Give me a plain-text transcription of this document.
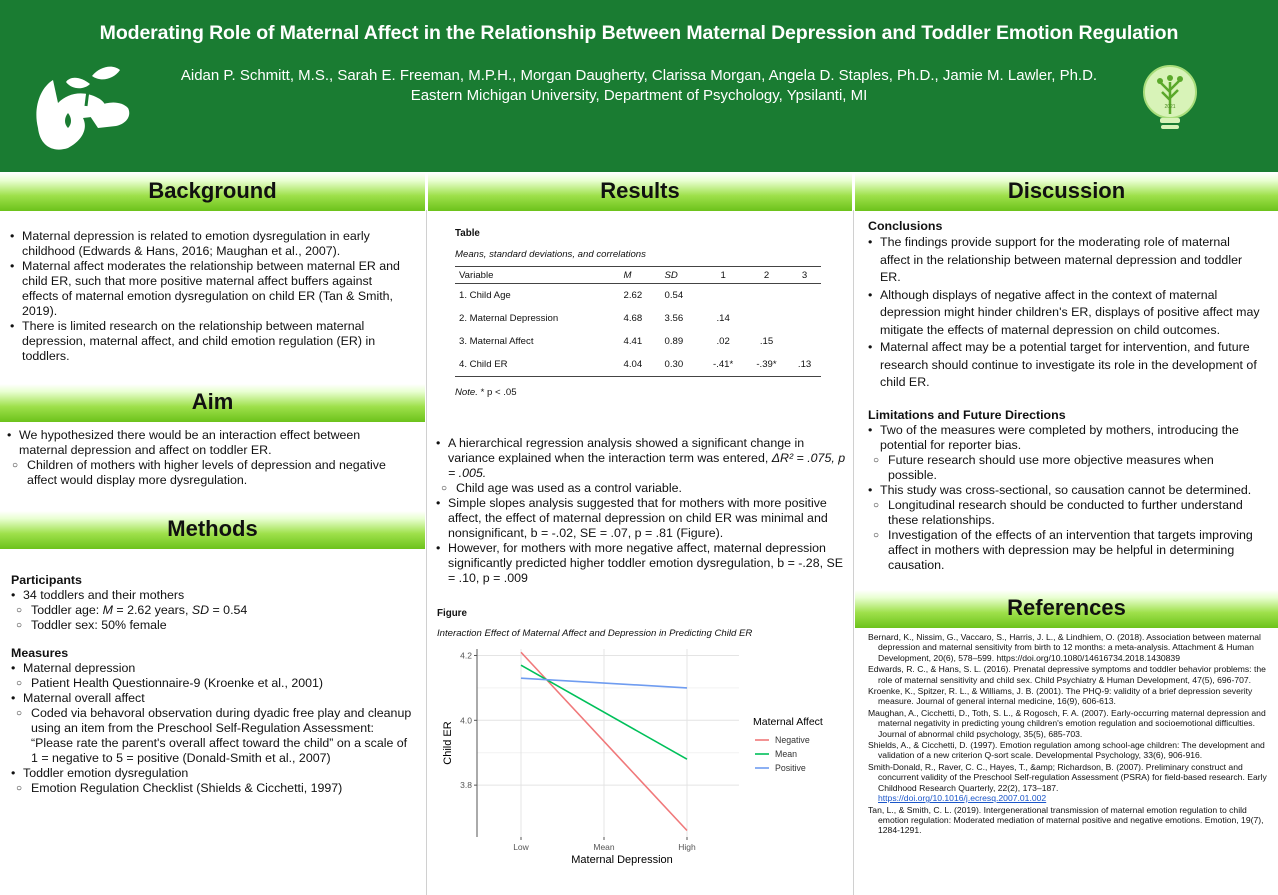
Moderating Role of Maternal Affect in the Relationship Between Maternal Depression and Toddler Emotion Regulation
Aidan P. Schmitt, M.S., Sarah E. Freeman, M.P.H., Morgan Daugherty, Clarissa Morgan, Angela D. Staples, Ph.D., Jamie M. Lawler, Ph.D.
Eastern Michigan University, Department of Psychology, Ypsilanti, MI
2021
Background	Results	Discussion
Aim
Methods
References
• Maternal depression is related to emotion dysregulation in early childhood (Edwards & Hans, 2016; Maughan et al., 2007).
• Maternal affect moderates the relationship between maternal ER and child ER, such that more positive maternal affect buffers against effects of maternal emotion dysregulation on child ER (Tan & Smith, 2019).
• There is limited research on the relationship between maternal depression, maternal affect, and child emotion regulation (ER) in toddlers.
• We hypothesized there would be an interaction effect between maternal depression and affect on toddler ER.
○ Children of mothers with higher levels of depression and negative affect would display more dysregulation.
Participants
• 34 toddlers and their mothers
○ Toddler age: M = 2.62 years, SD = 0.54
○ Toddler sex: 50% female
Measures
• Maternal depression
○ Patient Health Questionnaire-9 (Kroenke et al., 2001)
• Maternal overall affect
○ Coded via behavoral observation during dyadic free play and cleanup using an item from the Preschool Self-Regulation Assessment: “Please rate the parent's overall affect toward the child” on a scale of 1 = negative to 5 = positive (Donald-Smith et al., 2007)
• Toddler emotion dysregulation
○ Emotion Regulation Checklist (Shields & Cicchetti, 1997)
Table
Means, standard deviations, and correlations
Variable	M	SD	1	2	3
1. Child Age	2.62	0.54			
2. Maternal Depression	4.68	3.56	.14		
3. Maternal Affect	4.41	0.89	.02	.15	
4. Child ER	4.04	0.30	-.41*	-.39*	.13
Note. * p < .05
• A hierarchical regression analysis showed a significant change in variance explained when the interaction term was entered, ΔR² = .075, p = .005.
○ Child age was used as a control variable.
• Simple slopes analysis suggested that for mothers with more positive affect, the effect of maternal depression on child ER was minimal and nonsignificant, b = -.02, SE = .07, p = .81 (Figure).
• However, for mothers with more negative affect, maternal depression significantly predicted higher toddler emotion dysregulation, b = -.28, SE = .10, p = .009
Figure
Interaction Effect of Maternal Affect and Depression in Predicting Child ER
3.8
4.0
4.2
Low	Mean	High
Maternal Depression
Child ER	Maternal Affect
Negative
Mean
Positive
Conclusions
• The findings provide support for the moderating role of maternal affect in the relationship between maternal depression and toddler ER.
• Although displays of negative affect in the context of maternal depression might hinder children's ER, displays of positive affect may mitigate the effects of maternal depression on child outcomes.
• Maternal affect may be a potential target for intervention, and future research should continue to investigate its role in the development of child ER.
Limitations and Future Directions
• Two of the measures were completed by mothers, introducing the potential for reporter bias.
○ Future research should use more objective measures when possible.
• This study was cross-sectional, so causation cannot be determined.
○ Longitudinal research should be conducted to further understand these relationships.
○ Investigation of the effects of an intervention that targets improving affect in mothers with depression may be helpful in determining causation.
Bernard, K., Nissim, G., Vaccaro, S., Harris, J. L., & Lindhiem, O. (2018). Association between maternal depression and maternal sensitivity from birth to 12 months: a meta-analysis. Attachment & Human Development, 20(6), 578–599. https://doi.org/10.1080/14616734.2018.1430839
Edwards, R. C., & Hans, S. L. (2016). Prenatal depressive symptoms and toddler behavior problems: the role of maternal sensitivity and child sex. Child Psychiatry & Human Development, 47(5), 696-707.
Kroenke, K., Spitzer, R. L., & Williams, J. B. (2001). The PHQ‐9: validity of a brief depression severity measure. Journal of general internal medicine, 16(9), 606-613.
Maughan, A., Cicchetti, D., Toth, S. L., & Rogosch, F. A. (2007). Early-occurring maternal depression and maternal negativity in predicting young children's emotion regulation and socioemotional difficulties. Journal of abnormal child psychology, 35(5), 685-703.
Shields, A., & Cicchetti, D. (1997). Emotion regulation among school-age children: The development and validation of a new criterion Q-sort scale. Developmental Psychology, 33(6), 906-916.
Smith-Donald, R., Raver, C. C., Hayes, T., &amp; Richardson, B. (2007). Preliminary construct and concurrent validity of the Preschool Self-regulation Assessment (PSRA) for field-based research. Early Childhood Research Quarterly, 22(2), 173–187.
https://doi.org/10.1016/j.ecresq.2007.01.002
Tan, L., & Smith, C. L. (2019). Intergenerational transmission of maternal emotion regulation to child emotion regulation: Moderated mediation of maternal positive and negative emotions. Emotion, 19(7), 1284-1291.
